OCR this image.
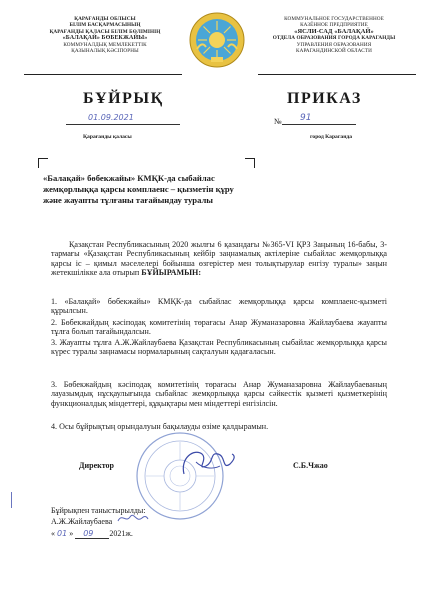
ҚАРАҒАНДЫ ОБЛЫСЫ
БІЛІМ БАСҚАРМАСЫНЫҢ
ҚАРАҒАНДЫ ҚАЛАСЫ БІЛІМ БӨЛІМІНІҢ
«БАЛАҚАЙ» БӨБЕКЖАЙЫ»
КОММУНАЛДЫҚ МЕМЛЕКЕТТІК
ҚАЗЫНАЛЫҚ КӘСІПОРНЫ
КОММУНАЛЬНОЕ ГОСУДАРСТВЕННОЕ
КАЗЁННОЕ ПРЕДПРИЯТИЕ
«ЯСЛИ-САД «БАЛАҚАЙ»
ОТДЕЛА ОБРАЗОВАНИЯ ГОРОДА КАРАГАНДЫ
УПРАВЛЕНИЯ ОБРАЗОВАНИЯ
КАРАГАНДИНСКОЙ ОБЛАСТИ
БҰЙРЫҚ	ПРИКАЗ
01.09.2021	№ 91
Қарағанды қаласы	город Караганда
«Балақай» бөбекжайы» КМҚК-да сыбайлас жемқорлыққа қарсы комплаенс – қызметін құру және жауапты тұлғаны тағайындау туралы
Қазақстан Республикасының 2020 жылғы 6 қазандағы №365-VI ҚРЗ Заңының 16-бабы, 3-тармағы «Қазақстан Республикасының кейбір заңнамалық актілеріне сыбайлас жемқорлыққа қарсы іс – қимыл мәселелері бойынша өзгерістер мен толықтырулар енгізу туралы» заңын жетекшілікке ала отырып БҰЙЫРАМЫН:
1. «Балақай» бөбекжайы» КМҚК-да сыбайлас жемқорлыққа қарсы комплаенс-қызметі құрылсын.
2. Бөбекжайдың кәсіподақ комитетінің төрағасы Анар Жуманазаровна Жайлаубаева жауапты тұлға болып тағайындалсын.
3. Жауапты тұлға А.Ж.Жайлаубаева Қазақстан Республикасының сыбайлас жемқорлыққа қарсы күрес туралы заңнамасы нормаларының сақталуын қадағаласын.
3. Бөбекжайдың кәсіподақ комитетінің төрағасы Анар Жуманазаровна Жайлаубаеваның лауазымдық нұсқаулығында сыбайлас жемқорлыққа қарсы сәйкестік қызметі қызметкерінің функционалдық міндеттері, құқықтары мен міндеттері енгізілсін.
4. Осы бұйрықтың орындалуын бақылауды өзіме қалдырамын.
Директор	С.Б.Чжао
Бұйрықпен таныстырылды:
А.Ж.Жайлаубаева
« 01 » 09 2021ж.
